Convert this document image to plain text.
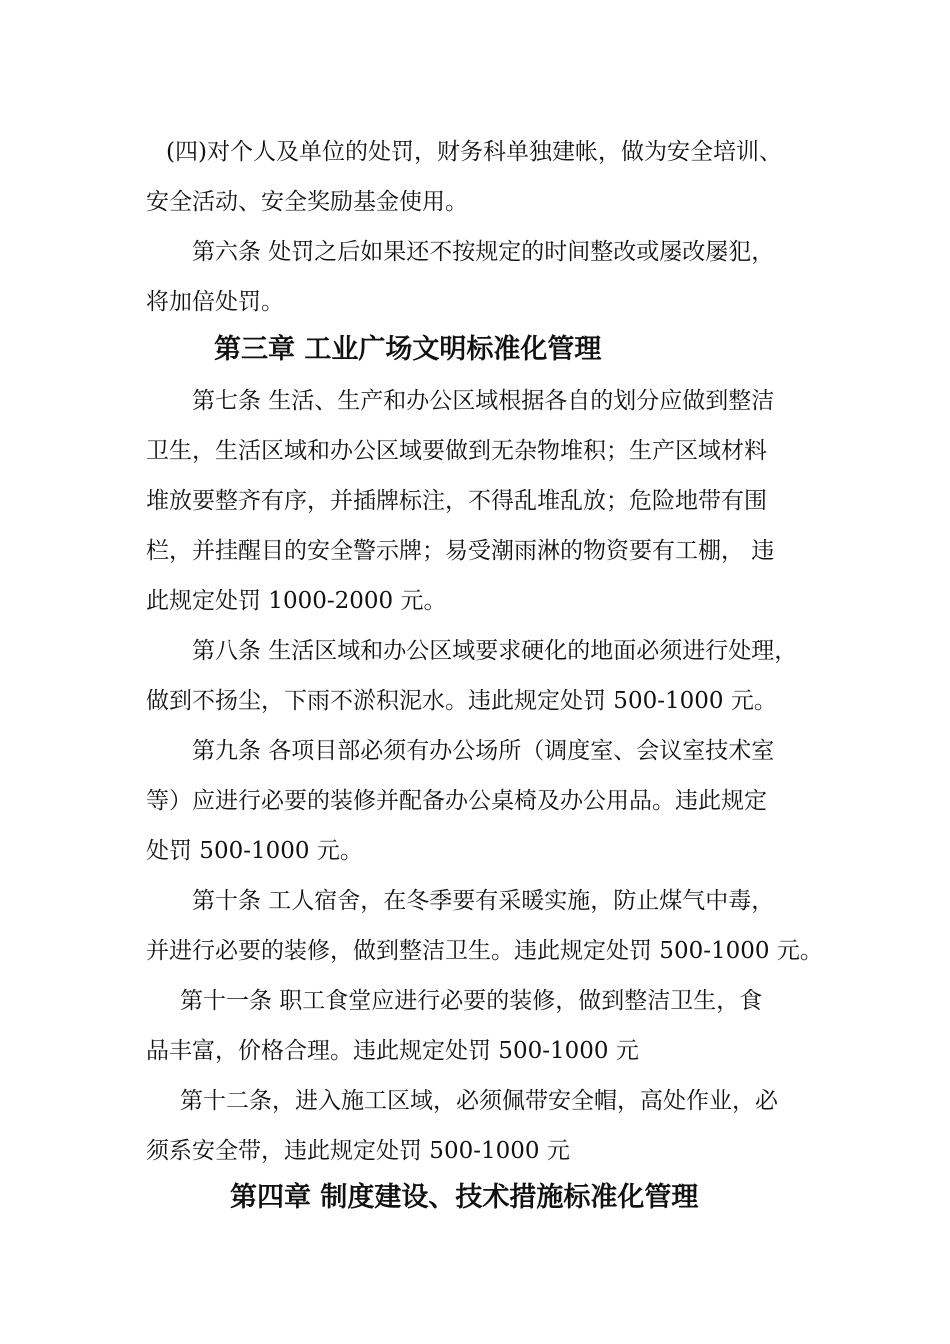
(四)对个人及单位的处罚，财务科单独建帐，做为安全培训、
安全活动、安全奖励基金使用。
第六条 处罚之后如果还不按规定的时间整改或屡改屡犯，
将加倍处罚。
第三章 工业广场文明标准化管理
第七条 生活、生产和办公区域根据各自的划分应做到整洁
卫生，生活区域和办公区域要做到无杂物堆积；生产区域材料
堆放要整齐有序，并插牌标注，不得乱堆乱放；危险地带有围
栏，并挂醒目的安全警示牌；易受潮雨淋的物资要有工棚， 违
此规定处罚 1000-2000 元。
第八条 生活区域和办公区域要求硬化的地面必须进行处理，
做到不扬尘，下雨不淤积泥水。违此规定处罚 500-1000 元。
第九条 各项目部必须有办公场所（调度室、会议室技术室
等）应进行必要的装修并配备办公桌椅及办公用品。违此规定
处罚 500-1000 元。
第十条 工人宿舍，在冬季要有采暖实施，防止煤气中毒，
并进行必要的装修，做到整洁卫生。违此规定处罚 500-1000 元。
第十一条 职工食堂应进行必要的装修，做到整洁卫生，食
品丰富，价格合理。违此规定处罚 500-1000 元
第十二条，进入施工区域，必须佩带安全帽，高处作业，必
须系安全带，违此规定处罚 500-1000 元
第四章 制度建设、技术措施标准化管理
